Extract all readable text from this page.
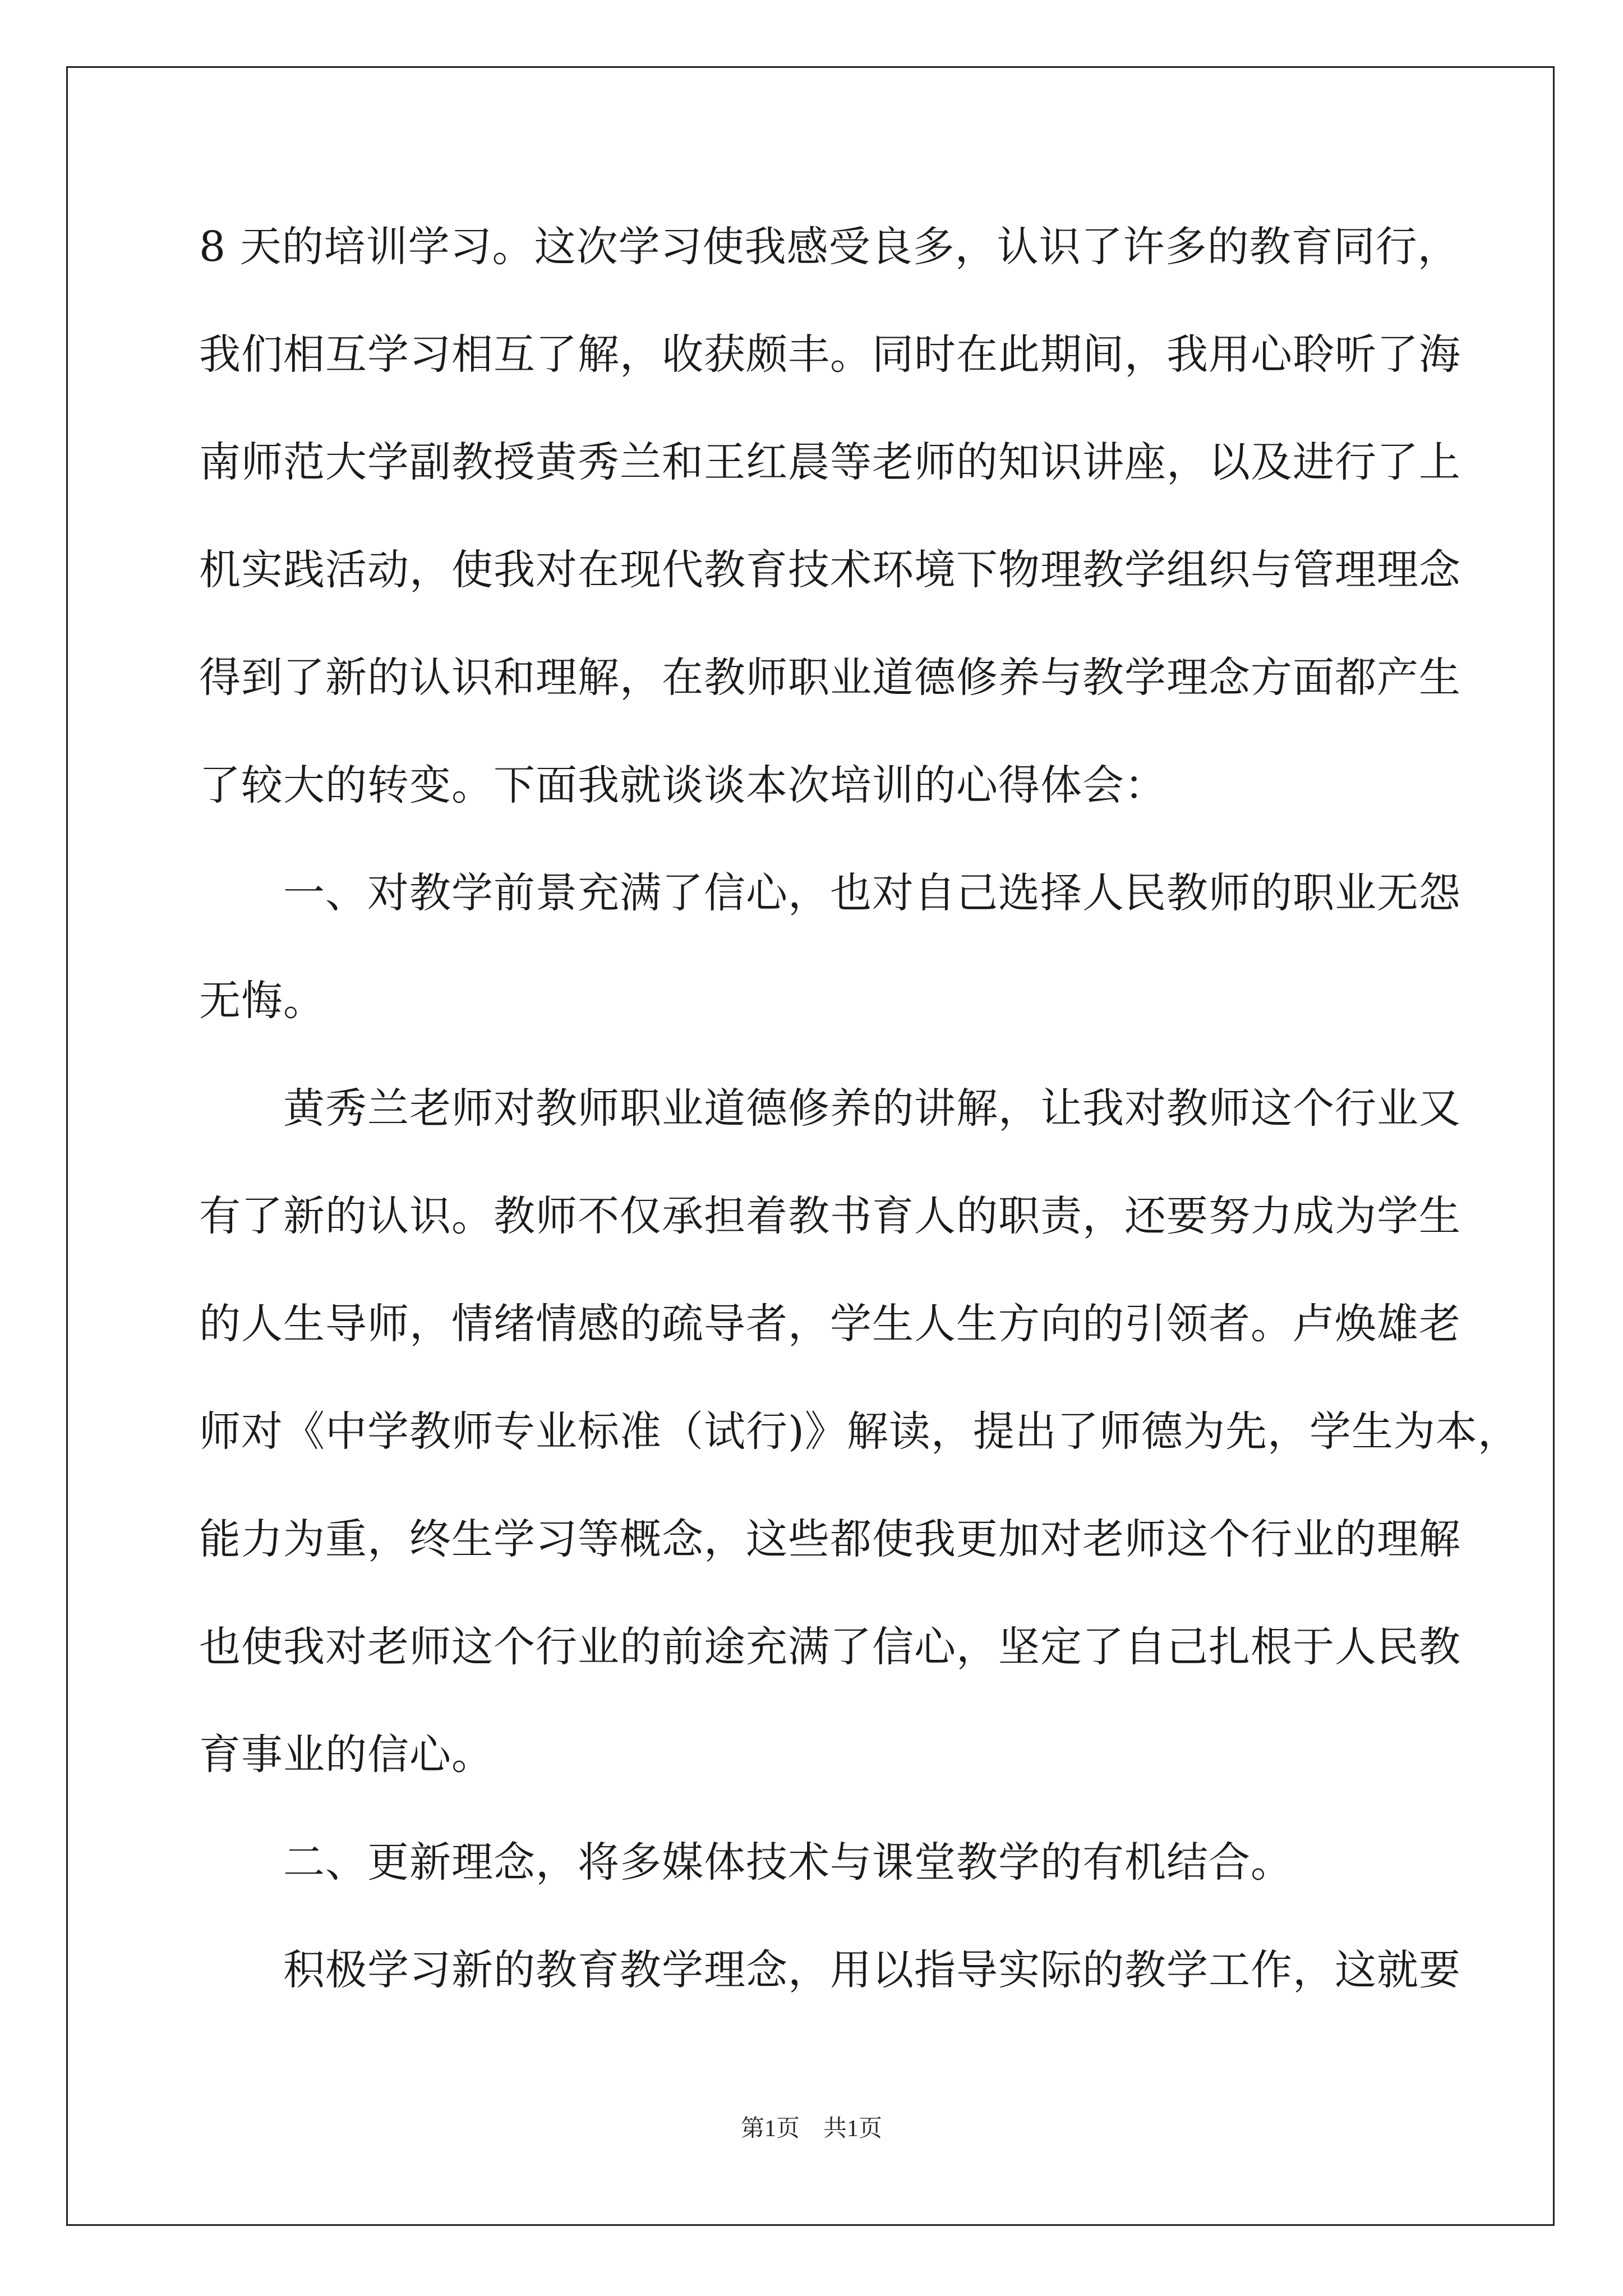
8 天的培训学习。这次学习使我感受良多，认识了许多的教育同行，
我们相互学习相互了解，收获颇丰。同时在此期间，我用心聆听了海
南师范大学副教授黄秀兰和王红晨等老师的知识讲座，以及进行了上
机实践活动，使我对在现代教育技术环境下物理教学组织与管理理念
得到了新的认识和理解，在教师职业道德修养与教学理念方面都产生
了较大的转变。下面我就谈谈本次培训的心得体会：
一、对教学前景充满了信心，也对自己选择人民教师的职业无怨
无悔。
黄秀兰老师对教师职业道德修养的讲解，让我对教师这个行业又
有了新的认识。教师不仅承担着教书育人的职责，还要努力成为学生
的人生导师，情绪情感的疏导者，学生人生方向的引领者。卢焕雄老
师对《中学教师专业标准（试行)》解读，提出了师德为先，学生为本，
能力为重，终生学习等概念，这些都使我更加对老师这个行业的理解
也使我对老师这个行业的前途充满了信心，坚定了自己扎根于人民教
育事业的信心。
二、更新理念，将多媒体技术与课堂教学的有机结合。
积极学习新的教育教学理念，用以指导实际的教学工作，这就要
第1页　共1页
